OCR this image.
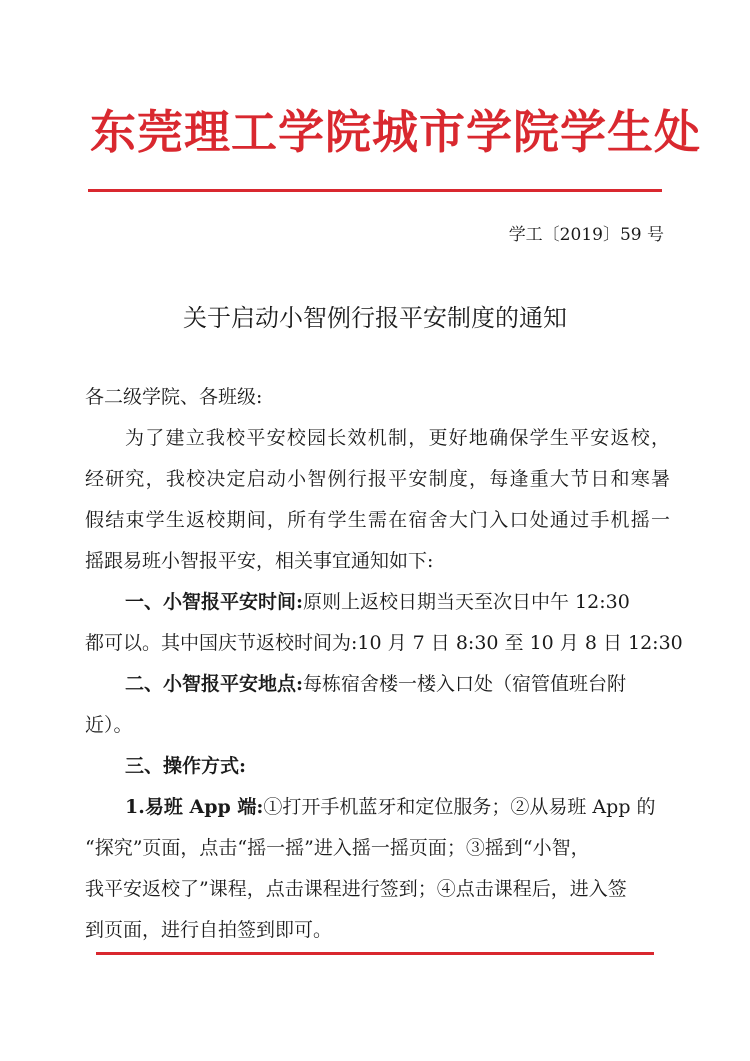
东莞理工学院城市学院学生处
学工〔2019〕59 号
关于启动小智例行报平安制度的通知
各二级学院、各班级:
为了建立我校平安校园长效机制，更好地确保学生平安返校，
经研究，我校决定启动小智例行报平安制度，每逢重大节日和寒暑
假结束学生返校期间，所有学生需在宿舍大门入口处通过手机摇一
摇跟易班小智报平安，相关事宜通知如下:
一、小智报平安时间:原则上返校日期当天至次日中午 12:30
都可以。其中国庆节返校时间为:10 月 7 日 8:30 至 10 月 8 日 12:30
二、小智报平安地点:每栋宿舍楼一楼入口处（宿管值班台附
近）。
三、操作方式:
1.易班 App 端:①打开手机蓝牙和定位服务；②从易班 App 的
“探究”页面，点击“摇一摇”进入摇一摇页面；③摇到“小智，
我平安返校了”课程，点击课程进行签到；④点击课程后，进入签
到页面，进行自拍签到即可。
